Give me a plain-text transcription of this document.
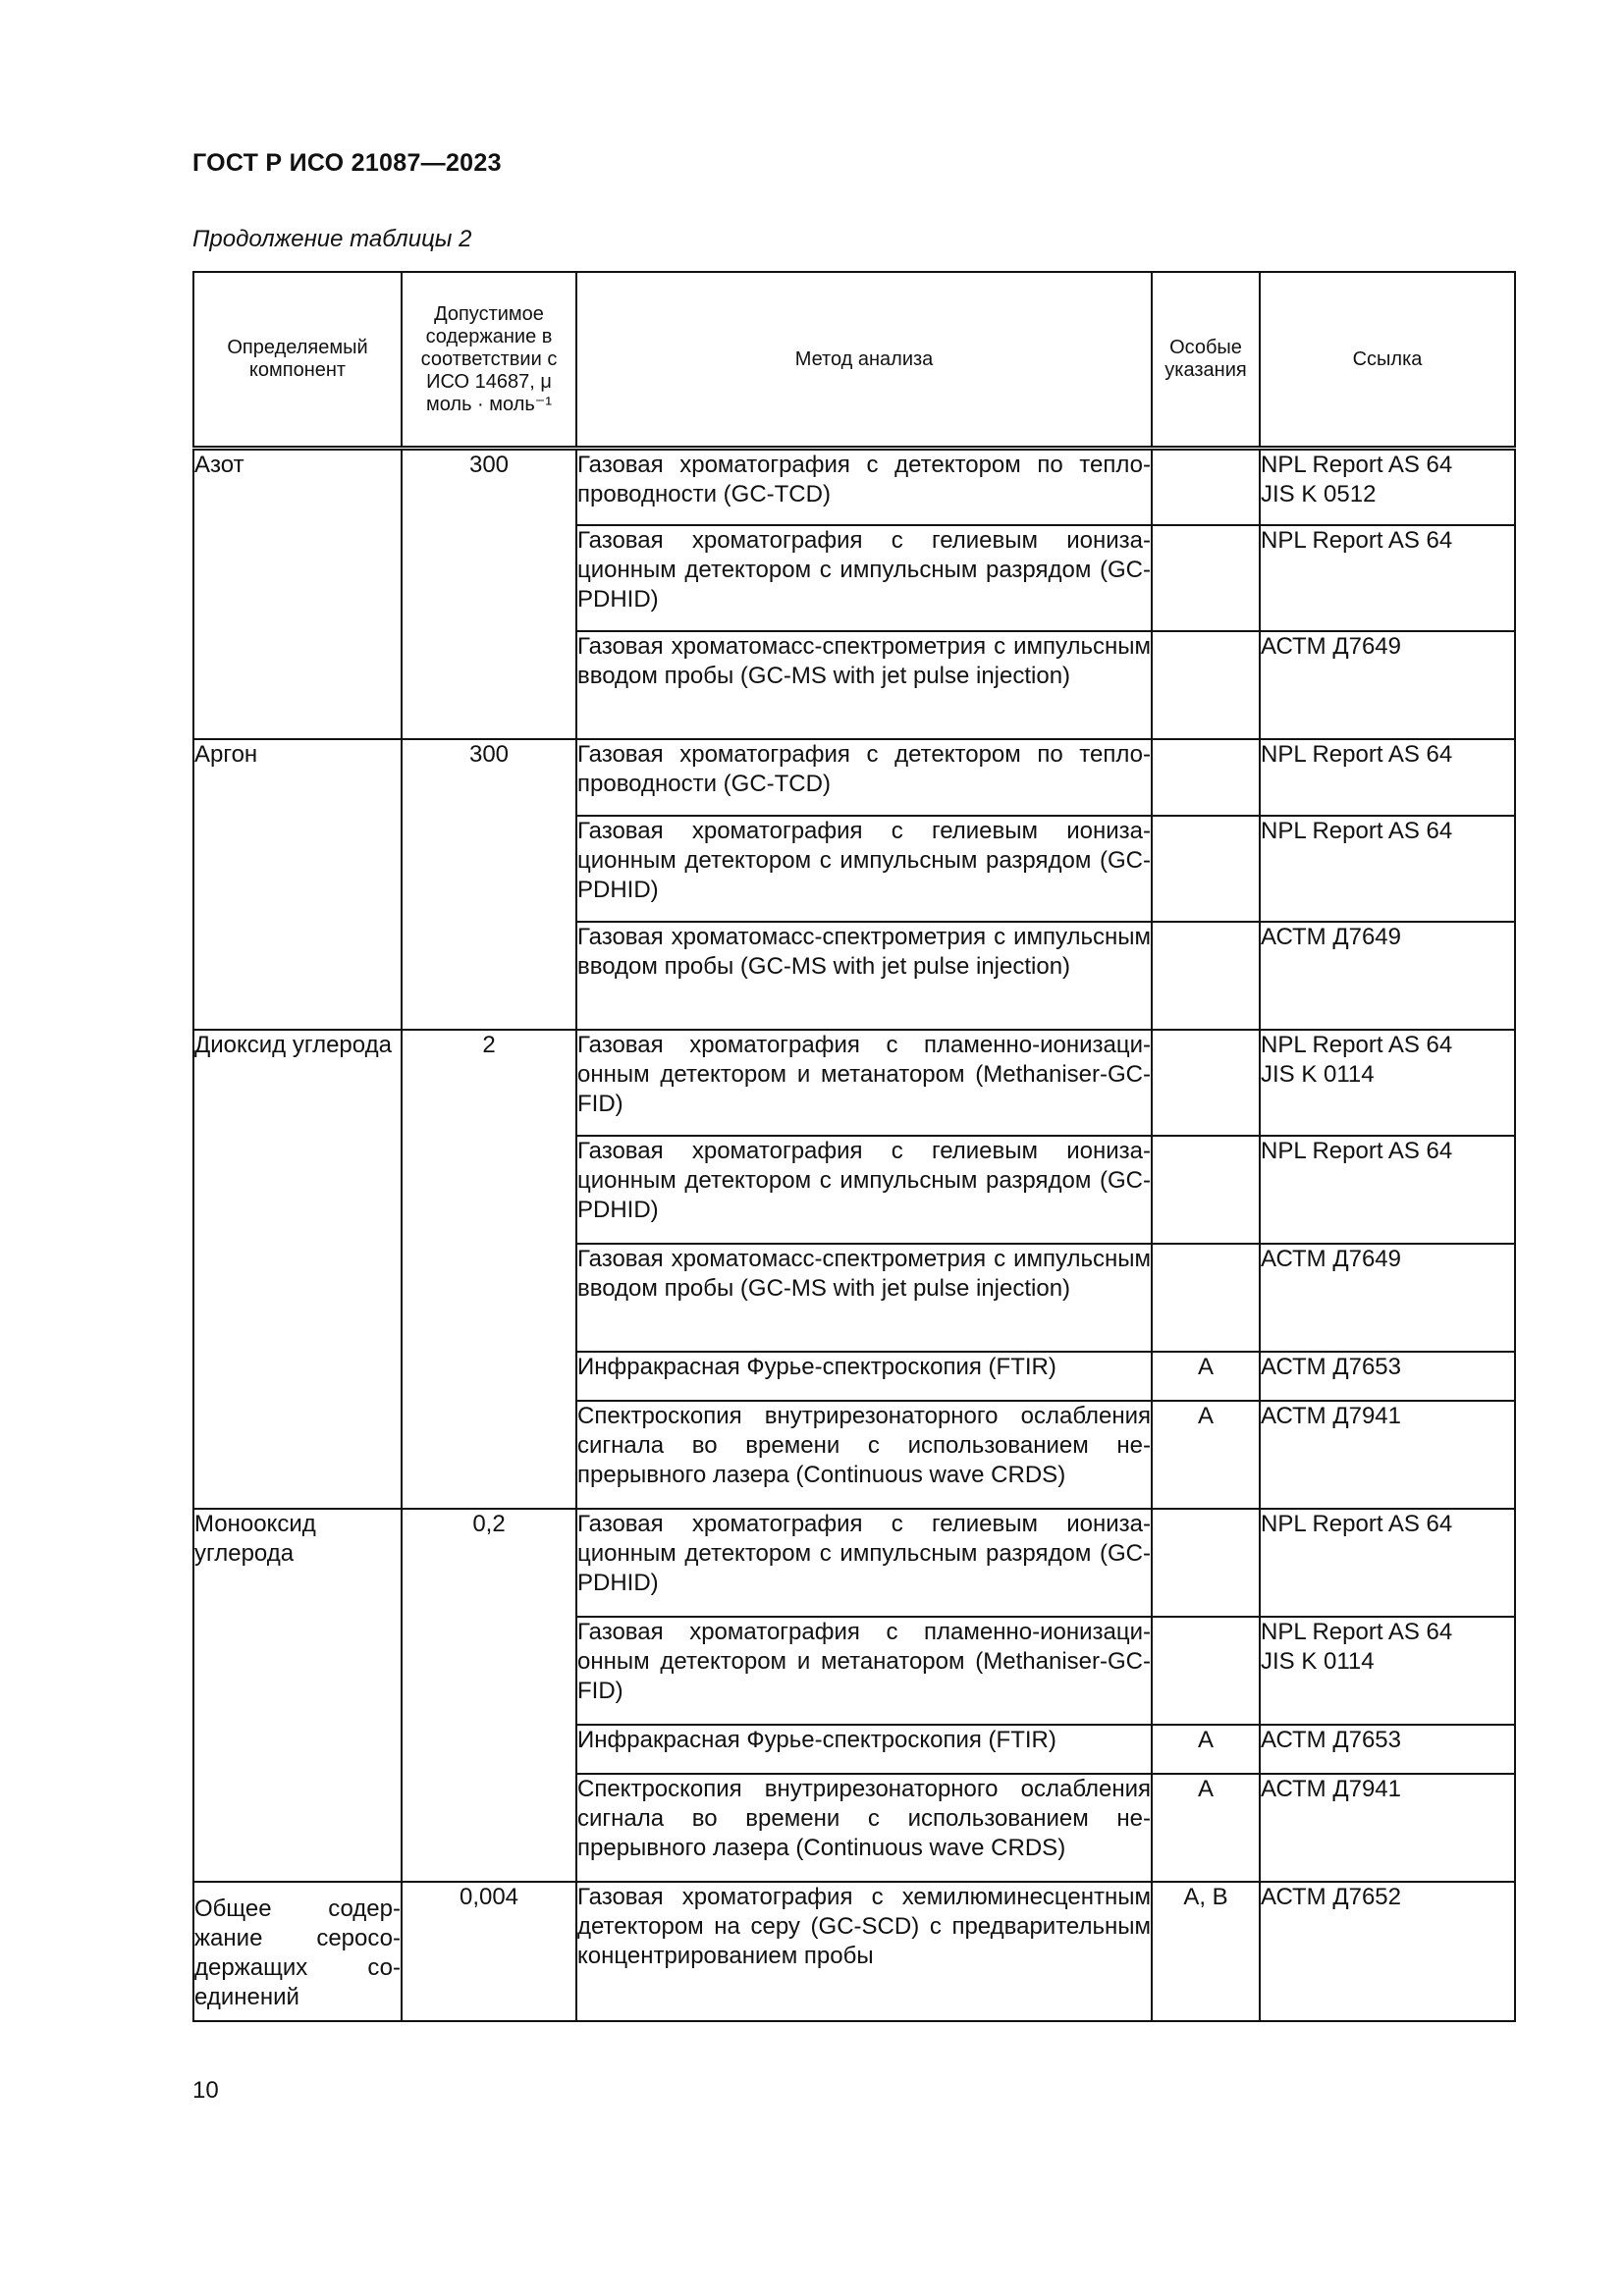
ГОСТ Р ИСО 21087—2023
Продолжение таблицы 2
Определяемый компонент	Допустимое содержание в соответствии с ИСО 14687, μ моль · моль⁻¹	Метод анализа	Особые указания	Ссылка
Азот	300	Газовая хроматография с детектором по теплопроводности (GC-TCD)		NPL Report AS 64
JIS K 0512

		Газовая хроматография с гелиевым ионизационным детектором с импульсным разрядом (GC-PDHID)		NPL Report AS 64

		Газовая хроматомасс-спектрометрия с импульсным вводом пробы (GC-MS with jet pulse injection)		АСТМ Д7649

Аргон	300	Газовая хроматография с детектором по теплопроводности (GC-TCD)		NPL Report AS 64

		Газовая хроматография с гелиевым ионизационным детектором с импульсным разрядом (GC-PDHID)		NPL Report AS 64

		Газовая хроматомасс-спектрометрия с импульсным вводом пробы (GC-MS with jet pulse injection)		АСТМ Д7649

Диоксид углерода	2	Газовая хроматография с пламенно-ионизационным детектором и метанатором (Methaniser-GC-FID)		NPL Report AS 64
JIS K 0114

		Газовая хроматография с гелиевым ионизационным детектором с импульсным разрядом (GC-PDHID)		NPL Report AS 64

		Газовая хроматомасс-спектрометрия с импульсным вводом пробы (GC-MS with jet pulse injection)		АСТМ Д7649

		Инфракрасная Фурье-спектроскопия (FTIR)	А	АСТМ Д7653

		Спектроскопия внутрирезонаторного ослабления сигнала во времени с использованием непрерывного лазера (Continuous wave CRDS)	А	АСТМ Д7941

Монооксид углерода	0,2	Газовая хроматография с гелиевым ионизационным детектором с импульсным разрядом (GC-PDHID)		NPL Report AS 64

		Газовая хроматография с пламенно-ионизационным детектором и метанатором (Methaniser-GC-FID)		NPL Report AS 64
JIS K 0114

		Инфракрасная Фурье-спектроскопия (FTIR)	А	АСТМ Д7653

		Спектроскопия внутрирезонаторного ослабления сигнала во времени с использованием непрерывного лазера (Continuous wave CRDS)	А	АСТМ Д7941

Общее содержание серосодержащих соединений	0,004	Газовая хроматография с хемилюминесцентным детектором на серу (GC-SCD) с предварительным концентрированием пробы	А, В	АСТМ Д7652
10
